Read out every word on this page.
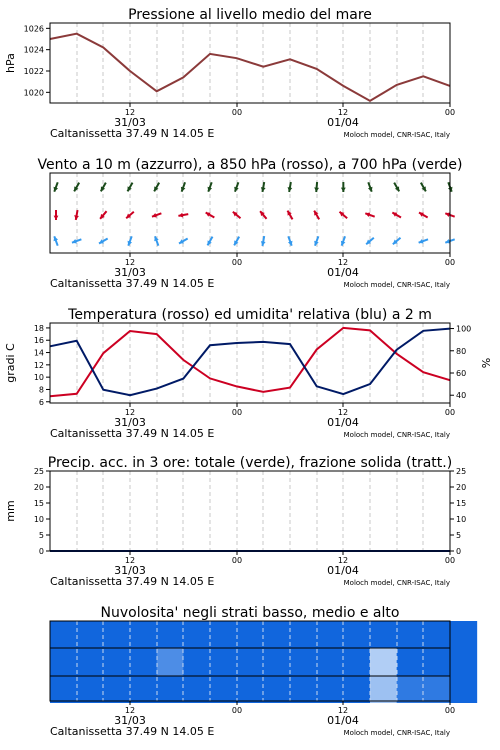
Pressione al livello medio del mare
1020
1022
1024
1026
hPa
12	00	12	00
31/03	01/04
Caltanissetta 37.49 N 14.05 E	Moloch model, CNR-ISAC, Italy
Vento a 10 m (azzurro), a 850 hPa (rosso), a 700 hPa (verde)
12	00	12	00
31/03	01/04
Caltanissetta 37.49 N 14.05 E	Moloch model, CNR-ISAC, Italy
Temperatura (rosso) ed umidita' relativa (blu) a 2 m
6
8
10
12
14
16
18
40
60
80
100
gradi C	%
12	00	12	00
31/03	01/04
Caltanissetta 37.49 N 14.05 E	Moloch model, CNR-ISAC, Italy
Precip. acc. in 3 ore: totale (verde), frazione solida (tratt.)
0
5
10
15
20
25
0
5
10
15
20
25
mm
12	00	12	00
31/03	01/04
Caltanissetta 37.49 N 14.05 E	Moloch model, CNR-ISAC, Italy
Nuvolosita' negli strati basso, medio e alto
12	00	12	00
31/03	01/04
Caltanissetta 37.49 N 14.05 E	Moloch model, CNR-ISAC, Italy
